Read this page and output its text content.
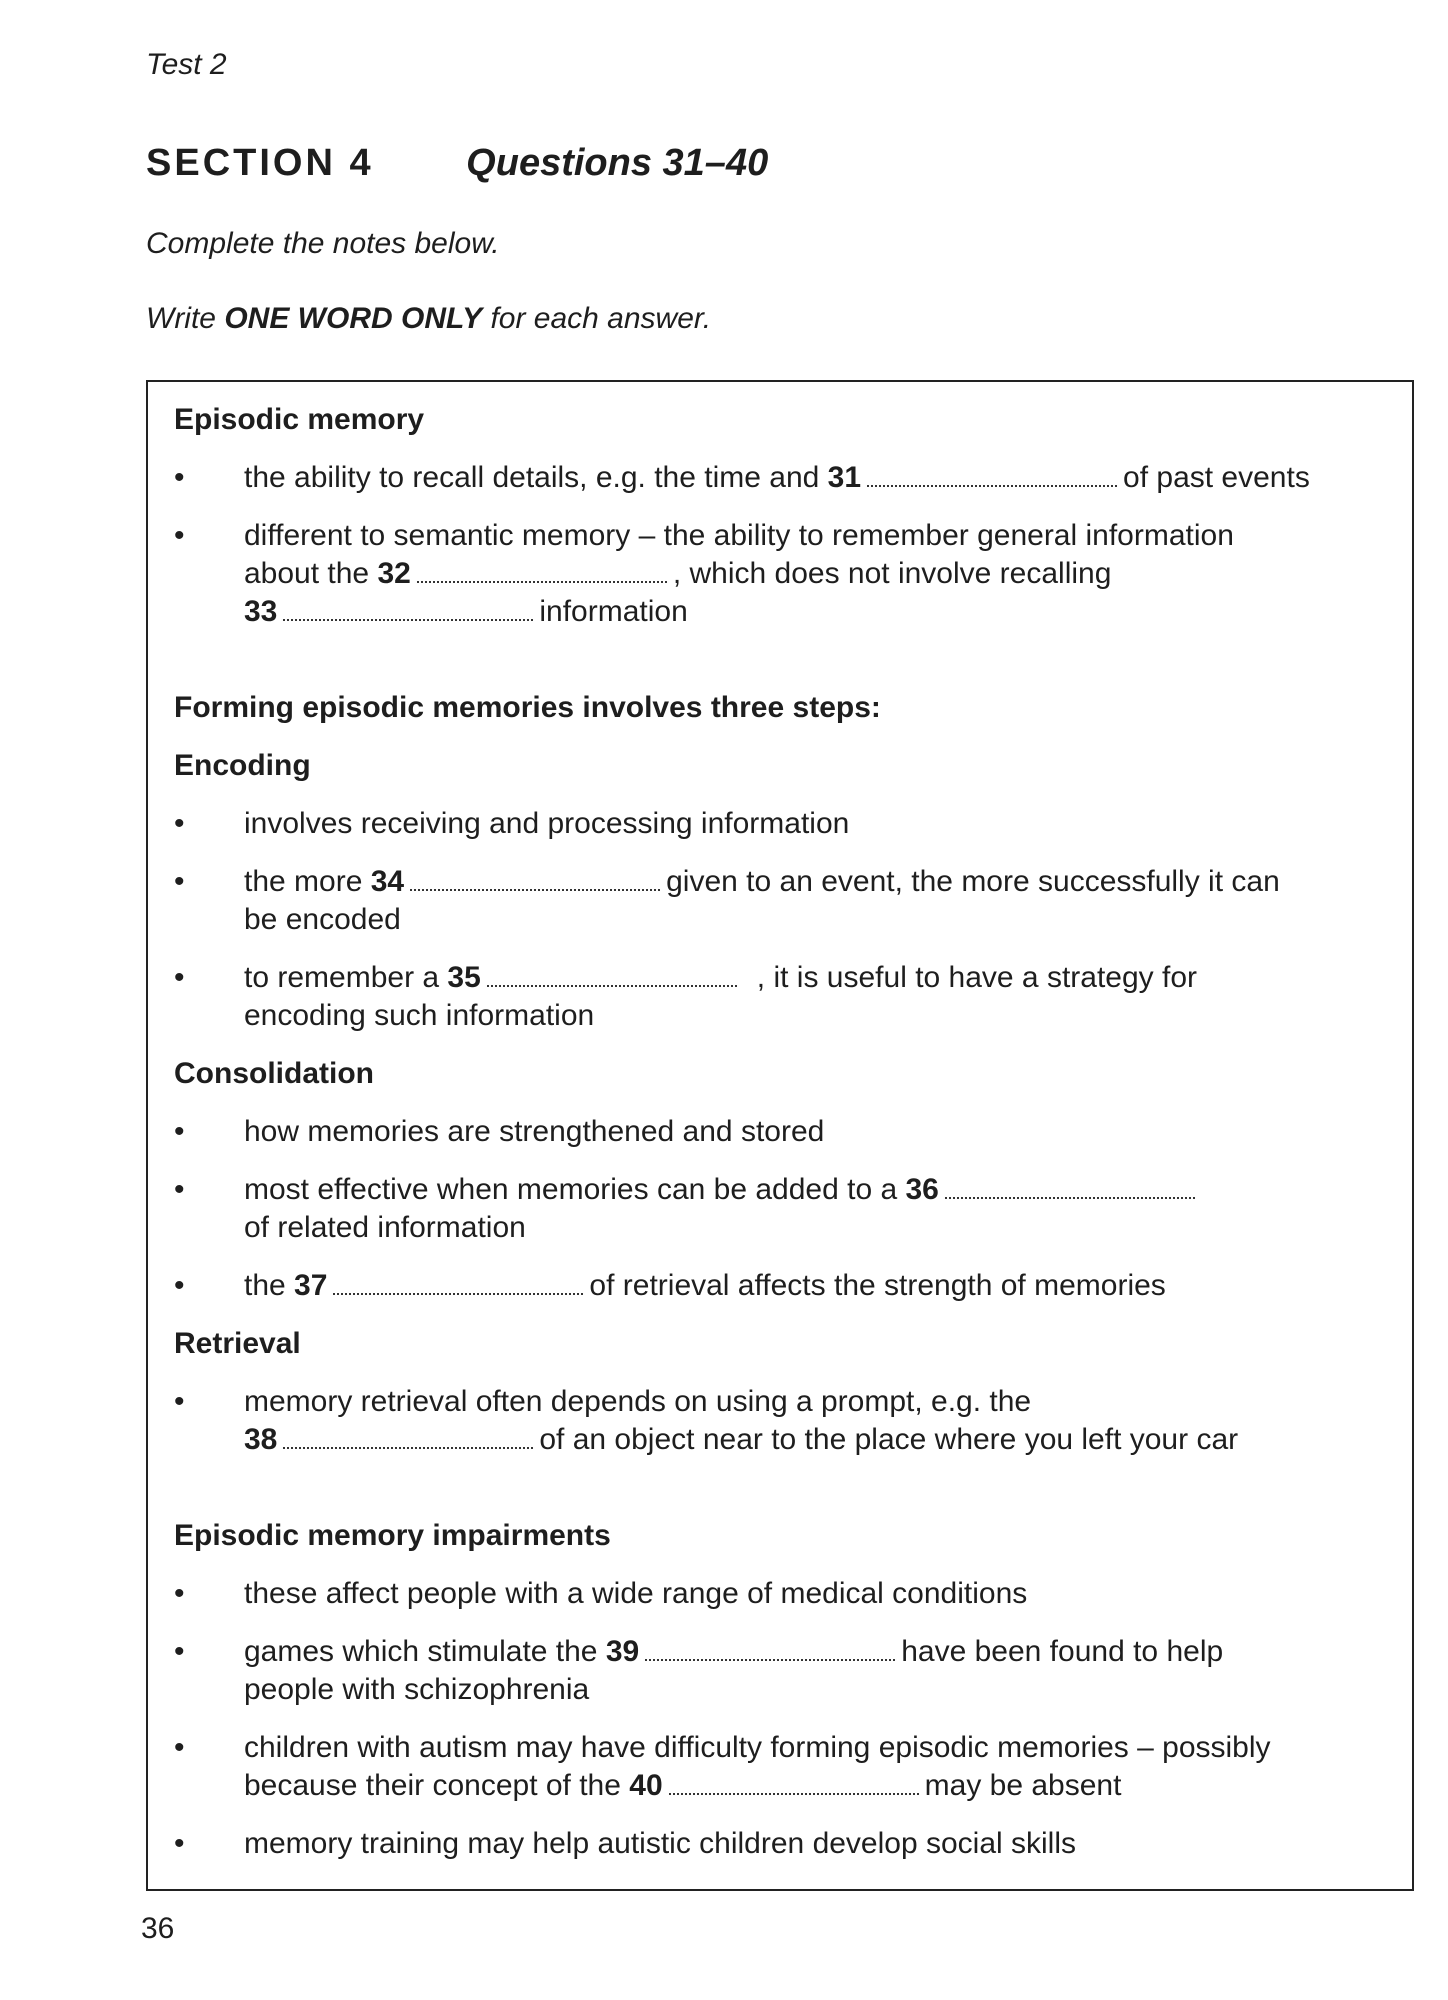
Test 2
SECTION 4 Questions 31–40
Complete the notes below.
Write ONE WORD ONLY for each answer.
Episodic memory
• the ability to recall details, e.g. the time and 31	of past events
• different to semantic memory – the ability to remember general information
about the 32	, which does not involve recalling
33	information
Forming episodic memories involves three steps:
Encoding
• involves receiving and processing information
• the more 34	given to an event, the more successfully it can
be encoded
• to remember a 35	, it is useful to have a strategy for
encoding such information
Consolidation
• how memories are strengthened and stored
• most effective when memories can be added to a 36
of related information
• the 37	of retrieval affects the strength of memories
Retrieval
• memory retrieval often depends on using a prompt, e.g. the
38	of an object near to the place where you left your car
Episodic memory impairments
• these affect people with a wide range of medical conditions
• games which stimulate the 39	have been found to help
people with schizophrenia
• children with autism may have difficulty forming episodic memories – possibly
because their concept of the 40	may be absent
• memory training may help autistic children develop social skills
36
